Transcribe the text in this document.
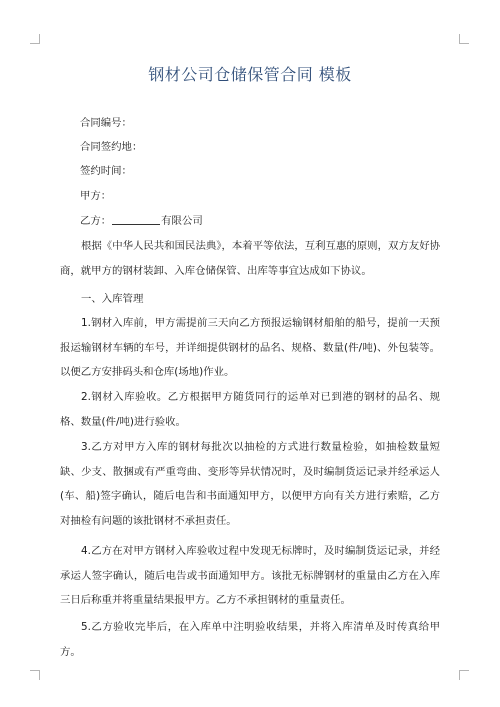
钢材公司仓储保管合同 模板
合同编号：
合同签约地：
签约时间：
甲方：
乙方：	有限公司

根据《中华人民共和国民法典》，本着平等依法，互利互惠的原则，双方友好协商，就甲方的钢材装卸、入库仓储保管、出库等事宜达成如下协议。

一、入库管理

1.钢材入库前，甲方需提前三天向乙方预报运输钢材船舶的船号，提前一天预报运输钢材车辆的车号，并详细提供钢材的品名、规格、数量(件/吨)、外包装等。以便乙方安排码头和仓库(场地)作业。

2.钢材入库验收。乙方根据甲方随货同行的运单对已到港的钢材的品名、规格、数量(件/吨)进行验收。

3.乙方对甲方入库的钢材每批次以抽检的方式进行数量检验，如抽检数量短缺、少支、散捆或有严重弯曲、变形等异状情况时，及时编制货运记录并经承运人(车、船)签字确认，随后电告和书面通知甲方，以便甲方向有关方进行索赔，乙方对抽检有问题的该批钢材不承担责任。

4.乙方在对甲方钢材入库验收过程中发现无标牌时，及时编制货运记录，并经承运人签字确认，随后电告或书面通知甲方。该批无标牌钢材的重量由乙方在入库三日后称重并将重量结果报甲方。乙方不承担钢材的重量责任。

5.乙方验收完毕后，在入库单中注明验收结果，并将入库清单及时传真给甲方。
